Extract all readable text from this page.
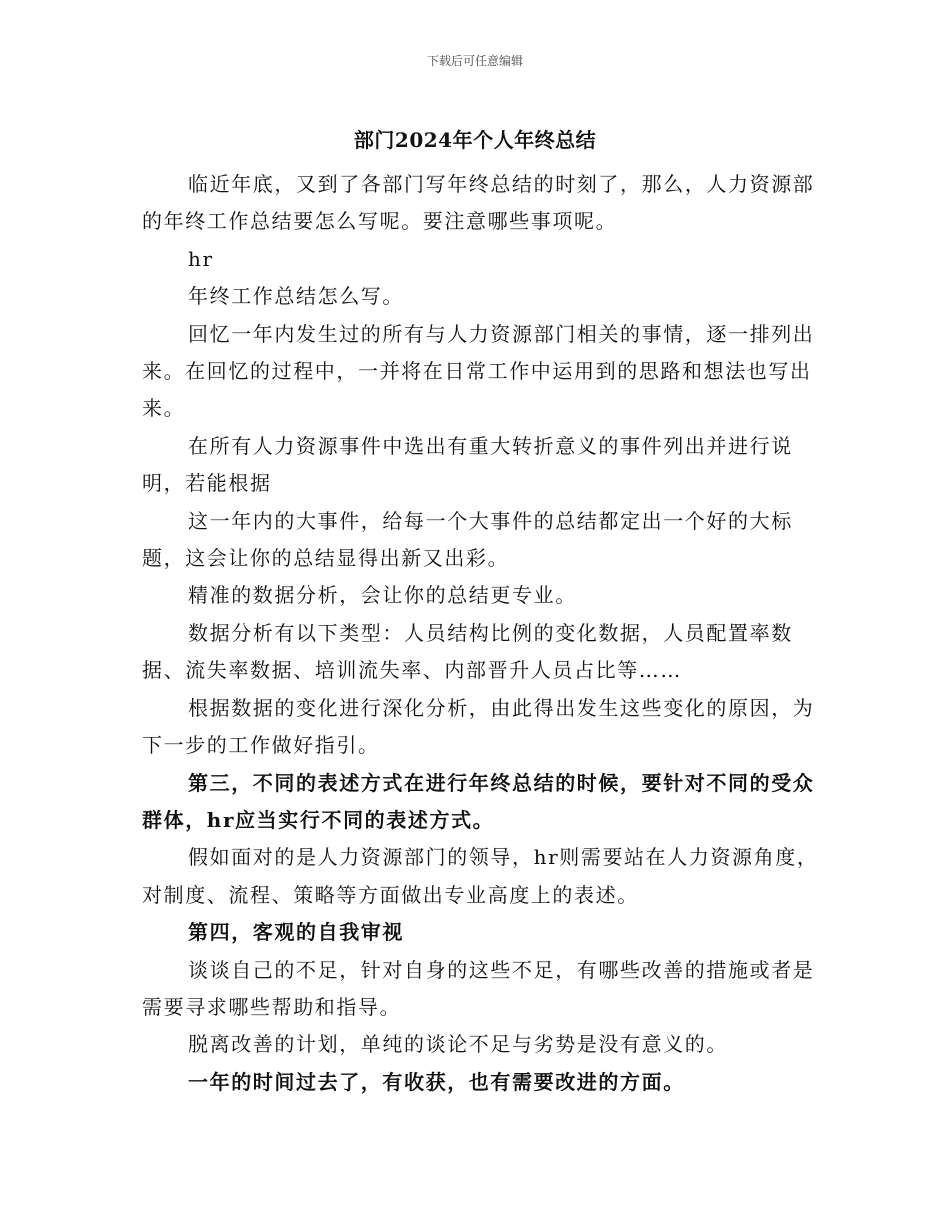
下载后可任意编辑
部门2024年个人年终总结

临近年底，又到了各部门写年终总结的时刻了，那么，人力资源部的年终工作总结要怎么写呢。要注意哪些事项呢。

hr

年终工作总结怎么写。

回忆一年内发生过的所有与人力资源部门相关的事情，逐一排列出来。在回忆的过程中，一并将在日常工作中运用到的思路和想法也写出来。

在所有人力资源事件中选出有重大转折意义的事件列出并进行说明，若能根据

这一年内的大事件，给每一个大事件的总结都定出一个好的大标题，这会让你的总结显得出新又出彩。

精准的数据分析，会让你的总结更专业。

数据分析有以下类型：人员结构比例的变化数据，人员配置率数据、流失率数据、培训流失率、内部晋升人员占比等……

根据数据的变化进行深化分析，由此得出发生这些变化的原因，为下一步的工作做好指引。

第三，不同的表述方式在进行年终总结的时候，要针对不同的受众群体，hr应当实行不同的表述方式。

假如面对的是人力资源部门的领导，hr则需要站在人力资源角度，对制度、流程、策略等方面做出专业高度上的表述。

第四，客观的自我审视

谈谈自己的不足，针对自身的这些不足，有哪些改善的措施或者是需要寻求哪些帮助和指导。

脱离改善的计划，单纯的谈论不足与劣势是没有意义的。

一年的时间过去了，有收获，也有需要改进的方面。
